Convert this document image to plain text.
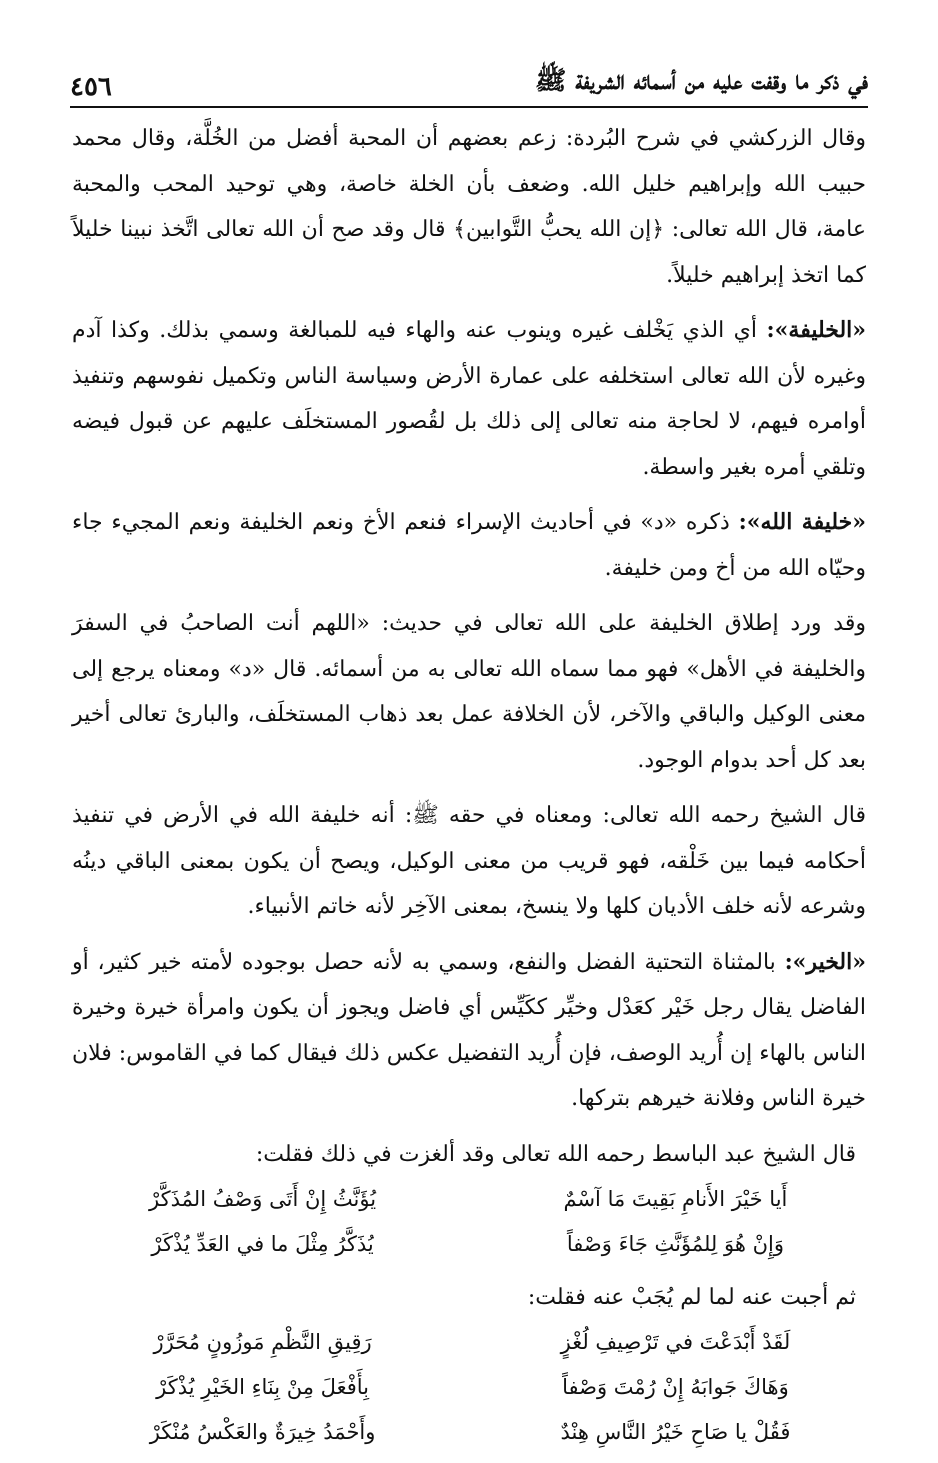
في ذكر ما وقفت عليه من أسمائه الشريفة ﷺ
٤٥٦

وقال الزركشي في شرح البُردة: زعم بعضهم أن المحبة أفضل من الخُلَّة، وقال محمد حبيب الله وإبراهيم خليل الله. وضعف بأن الخلة خاصة، وهي توحيد المحب والمحبة عامة، قال الله تعالى: ﴿إن الله يحبُّ التَّوابين﴾ قال وقد صح أن الله تعالى اتَّخذ نبينا خليلاً كما اتخذ إبراهيم خليلاً.

«الخليفة»: أي الذي يَخْلف غيره وينوب عنه والهاء فيه للمبالغة وسمي بذلك. وكذا آدم وغيره لأن الله تعالى استخلفه على عمارة الأرض وسياسة الناس وتكميل نفوسهم وتنفيذ أوامره فيهم، لا لحاجة منه تعالى إلى ذلك بل لقُصور المستخلَف عليهم عن قبول فيضه وتلقي أمره بغير واسطة.

«خليفة الله»: ذكره «د» في أحاديث الإسراء فنعم الأخ ونعم الخليفة ونعم المجيء جاء وحيّاه الله من أخ ومن خليفة.

وقد ورد إطلاق الخليفة على الله تعالى في حديث: «اللهم أنت الصاحبُ في السفرَ والخليفة في الأهل» فهو مما سماه الله تعالى به من أسمائه. قال «د» ومعناه يرجع إلى معنى الوكيل والباقي والآخر، لأن الخلافة عمل بعد ذهاب المستخلَف، والبارئ تعالى أخير بعد كل أحد بدوام الوجود.

قال الشيخ رحمه الله تعالى: ومعناه في حقه ﷺ: أنه خليفة الله في الأرض في تنفيذ أحكامه فيما بين خَلْقه، فهو قريب من معنى الوكيل، ويصح أن يكون بمعنى الباقي دينُه وشرعه لأنه خلف الأديان كلها ولا ينسخ، بمعنى الآخِر لأنه خاتم الأنبياء.

«الخير»: بالمثناة التحتية الفضل والنفع، وسمي به لأنه حصل بوجوده لأمته خير كثير، أو الفاضل يقال رجل خَيْر كعَدْل وخيِّر ككَيِّس أي فاضل ويجوز أن يكون وامرأة خيرة وخيرة الناس بالهاء إن أُريد الوصف، فإن أُريد التفضيل عكس ذلك فيقال كما في القاموس: فلان خيرة الناس وفلانة خيرهم بتركها.

قال الشيخ عبد الباسط رحمه الله تعالى وقد ألغزت في ذلك فقلت:
أَيا خَيْرَ الأَنامِ بَقِيتَ مَا آسْمٌ
يُؤَنَّثُ إِنْ أَتَى وَصْفُ المُذَكَّرْ
وَإِنْ هُوَ لِلمُؤَنَّثِ جَاءَ وَصْفاً
يُذَكَّرُ مِثْلَ ما في العَدِّ يُذْكَرْ
ثم أجبت عنه لما لم يُجَبْ عنه فقلت:
لَقَدْ أَبْدَعْتَ في تَرْصِيفِ لُغْزٍ
رَقِيقِ النَّظْمِ مَوزُونٍ مُحَرَّرْ
وَهَاكَ جَوابَهُ إِنْ رُمْتَ وَصْفاً
بِأَفْعَلَ مِنْ بِنَاءِ الخَيْرِ يُذْكَرْ
فَقُلْ يا صَاحِ خَيْرُ النَّاسِ هِنْدٌ
وأَحْمَدُ خِيرَةٌ والعَكْسُ مُنْكَرْ
